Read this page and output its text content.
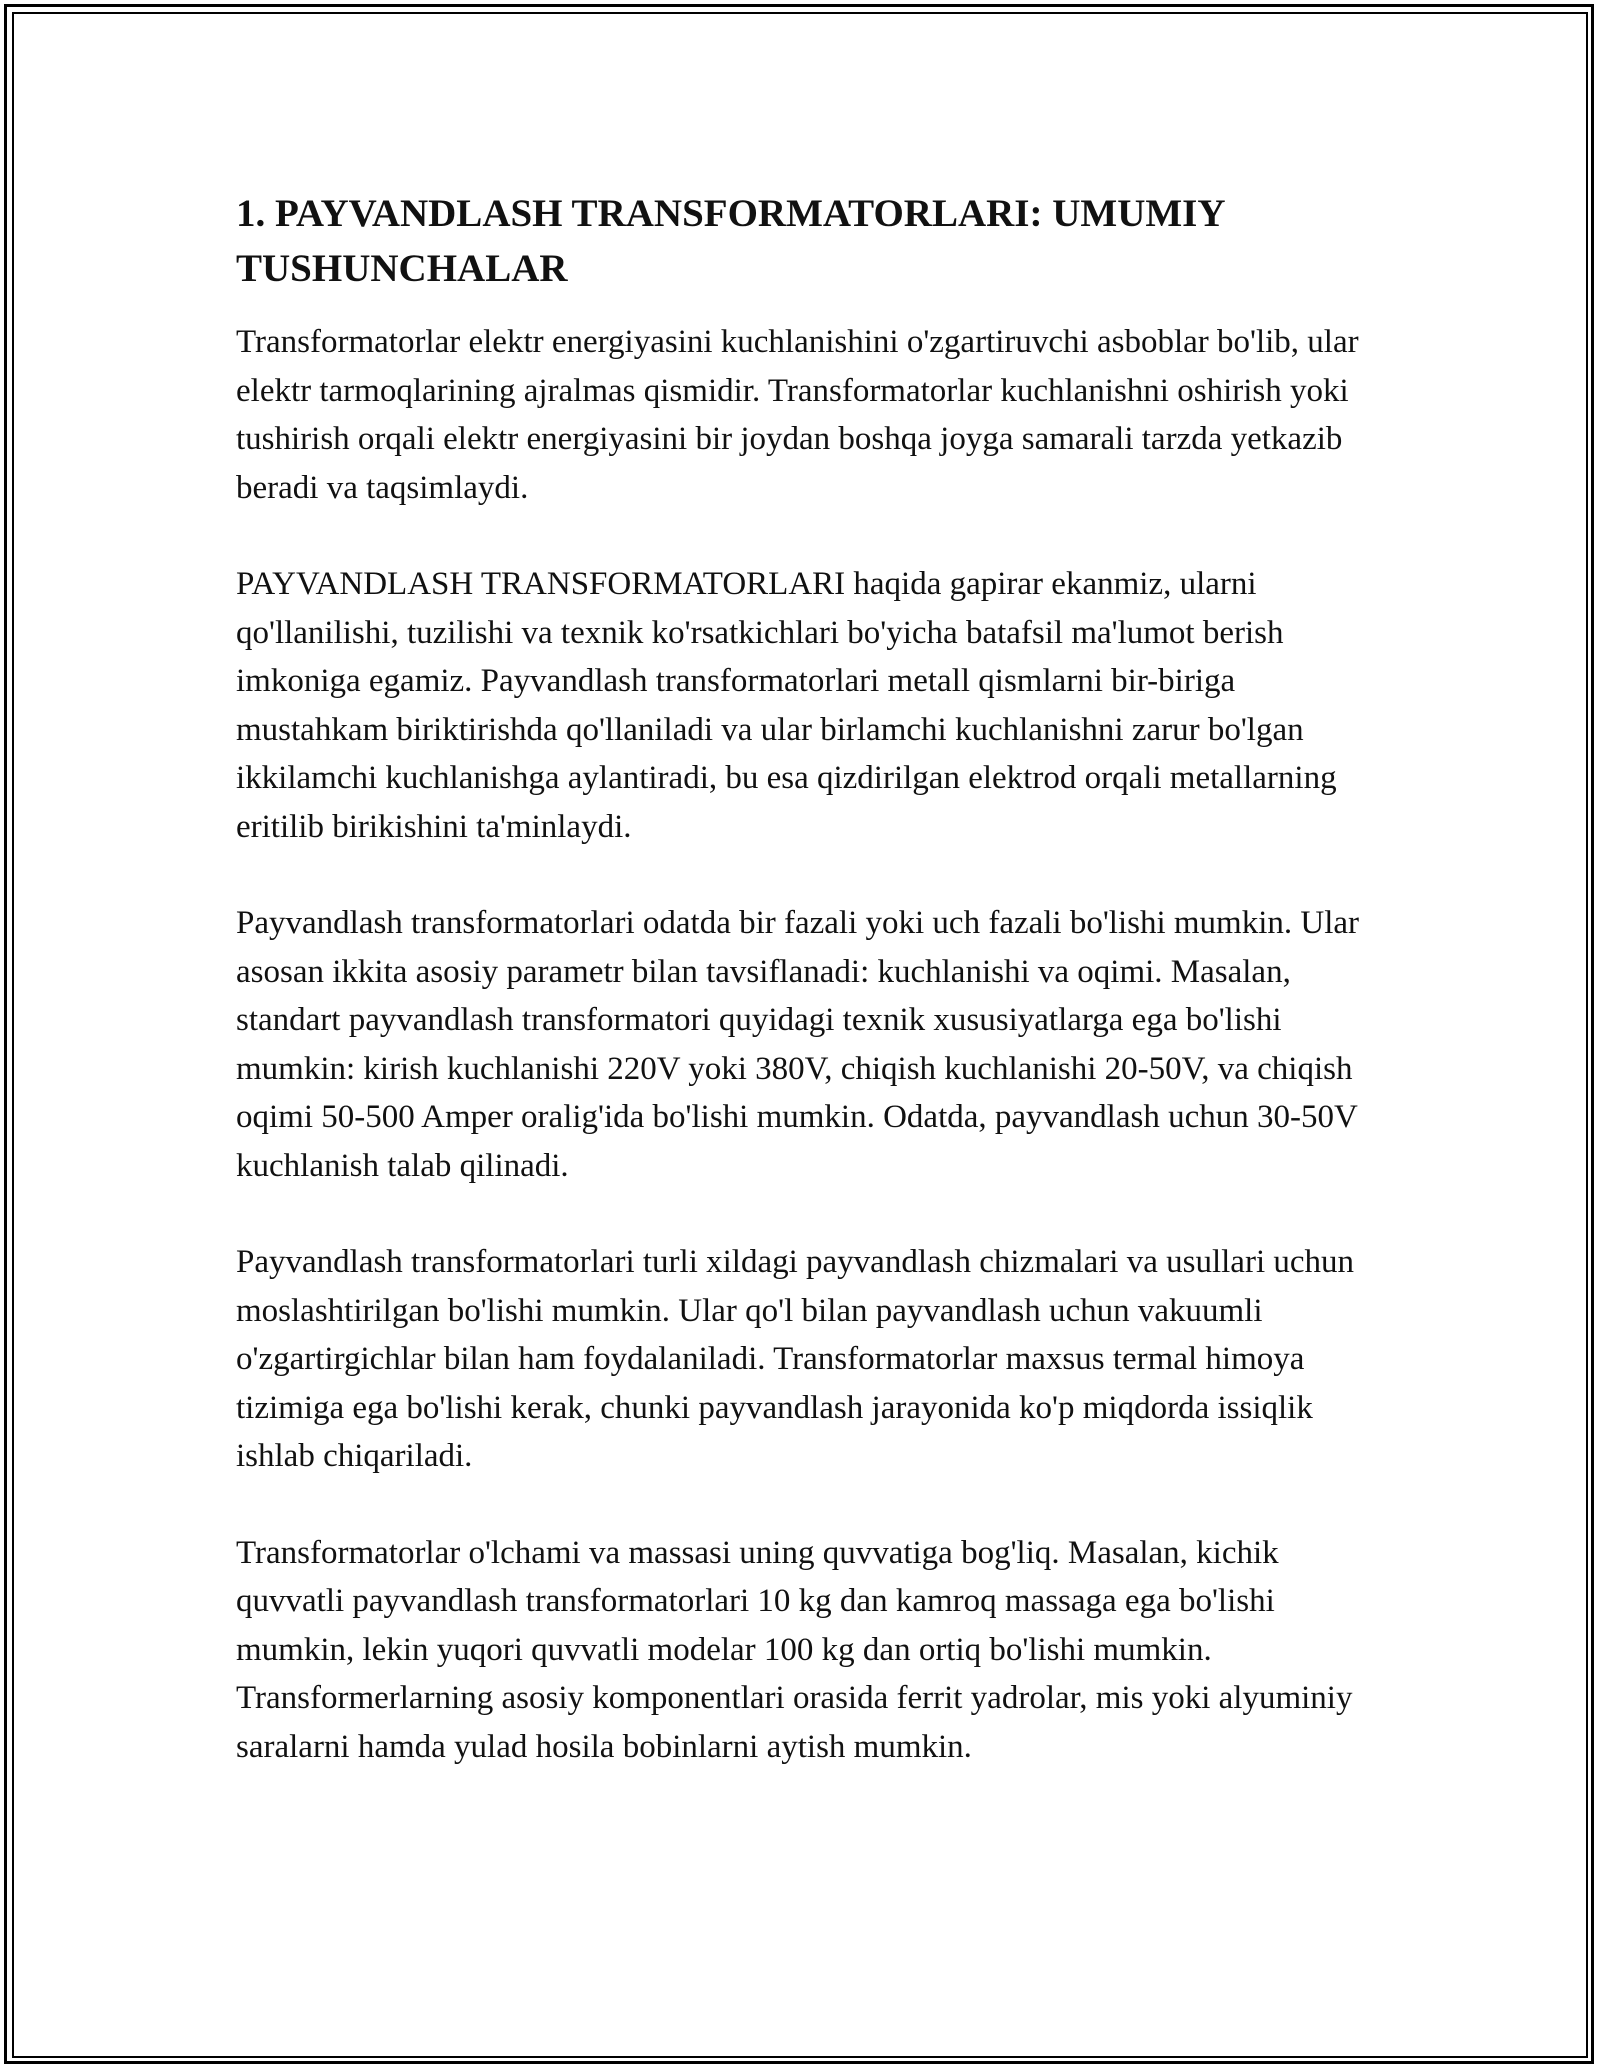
1. PAYVANDLASH TRANSFORMATORLARI: UMUMIY TUSHUNCHALAR

Transformatorlar elektr energiyasini kuchlanishini o'zgartiruvchi asboblar bo'lib, ular elektr tarmoqlarining ajralmas qismidir. Transformatorlar kuchlanishni oshirish yoki tushirish orqali elektr energiyasini bir joydan boshqa joyga samarali tarzda yetkazib beradi va taqsimlaydi.

PAYVANDLASH TRANSFORMATORLARI haqida gapirar ekanmiz, ularni qo'llanilishi, tuzilishi va texnik ko'rsatkichlari bo'yicha batafsil ma'lumot berish imkoniga egamiz. Payvandlash transformatorlari metall qismlarni bir-biriga mustahkam biriktirishda qo'llaniladi va ular birlamchi kuchlanishni zarur bo'lgan ikkilamchi kuchlanishga aylantiradi, bu esa qizdirilgan elektrod orqali metallarning eritilib birikishini ta'minlaydi.

Payvandlash transformatorlari odatda bir fazali yoki uch fazali bo'lishi mumkin. Ular asosan ikkita asosiy parametr bilan tavsiflanadi: kuchlanishi va oqimi. Masalan, standart payvandlash transformatori quyidagi texnik xususiyatlarga ega bo'lishi mumkin: kirish kuchlanishi 220V yoki 380V, chiqish kuchlanishi 20-50V, va chiqish oqimi 50-500 Amper oralig'ida bo'lishi mumkin. Odatda, payvandlash uchun 30-50V kuchlanish talab qilinadi.

Payvandlash transformatorlari turli xildagi payvandlash chizmalari va usullari uchun moslashtirilgan bo'lishi mumkin. Ular qo'l bilan payvandlash uchun vakuumli o'zgartirgichlar bilan ham foydalaniladi. Transformatorlar maxsus termal himoya tizimiga ega bo'lishi kerak, chunki payvandlash jarayonida ko'p miqdorda issiqlik ishlab chiqariladi.

Transformatorlar o'lchami va massasi uning quvvatiga bog'liq. Masalan, kichik quvvatli payvandlash transformatorlari 10 kg dan kamroq massaga ega bo'lishi mumkin, lekin yuqori quvvatli modelar 100 kg dan ortiq bo'lishi mumkin. Transformerlarning asosiy komponentlari orasida ferrit yadrolar, mis yoki alyuminiy saralarni hamda yulad hosila bobinlarni aytish mumkin.
